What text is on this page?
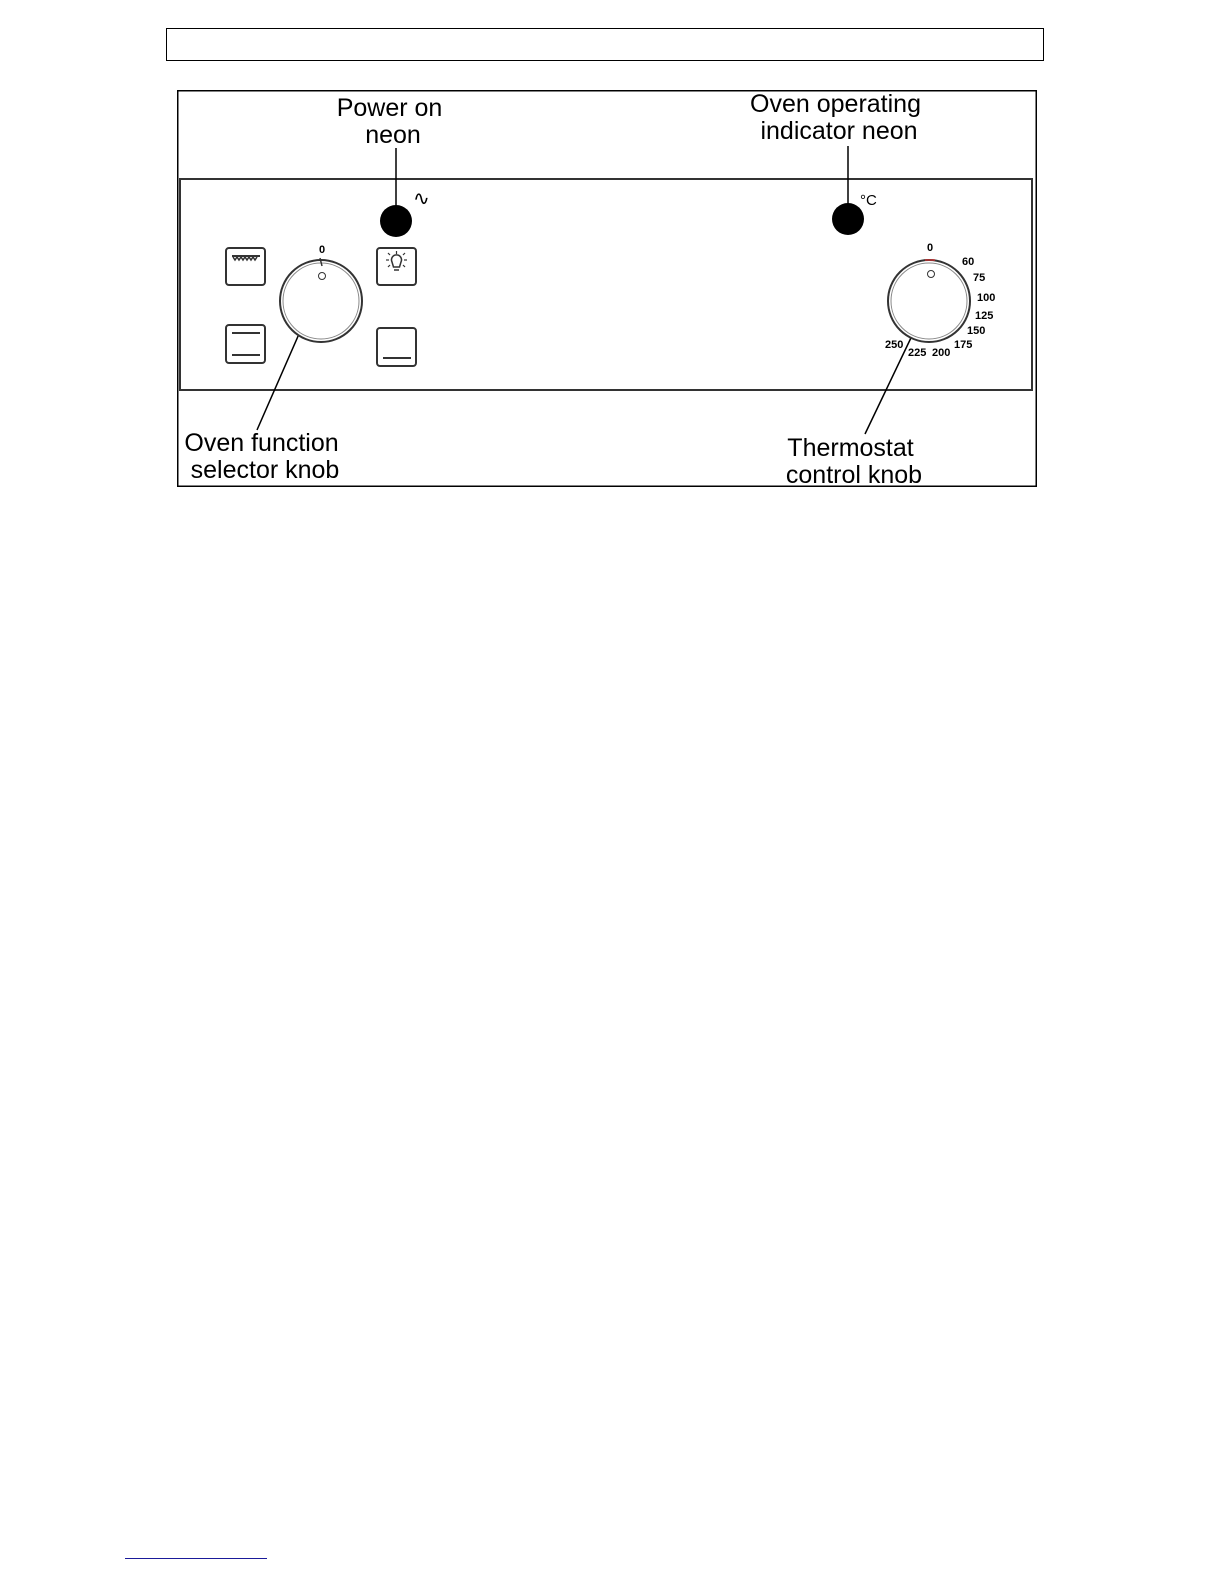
Power on neon
Oven operating indicator neon
Oven function selector knob
Thermostat control knob
∿	°C
0	0
60
75
100
125
150
175
200
225
250
